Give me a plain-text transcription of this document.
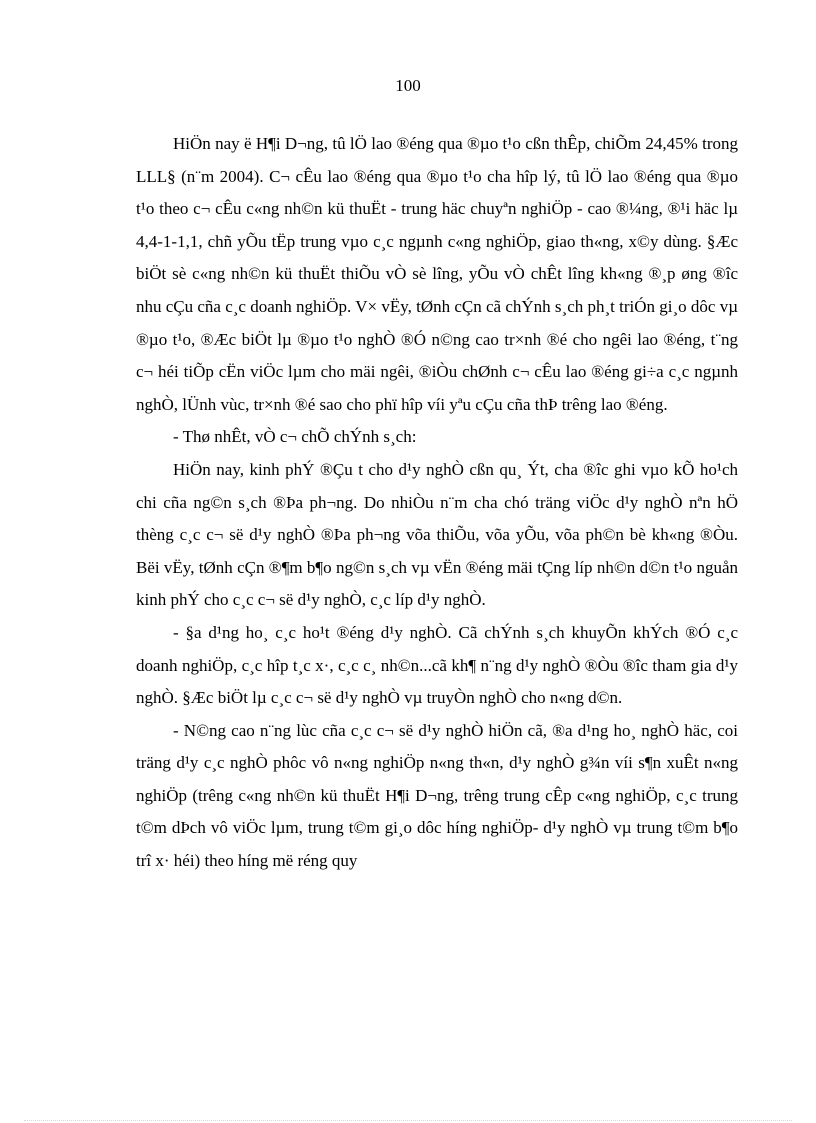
100

HiÖn nay ë H¶i D¬ng, tû lÖ lao ®éng qua ®µo t¹o cßn thÊp, chiÕm 24,45% trong LLL§ (n¨m 2004). C¬ cÊu lao ®éng qua ®µo t¹o cha hîp lý, tû lÖ lao ®éng qua ®µo t¹o theo c¬ cÊu c«ng nh©n kü thuËt - trung häc chuyªn nghiÖp - cao ®¼ng, ®¹i häc lµ 4,4-1-1,1, chñ yÕu tËp trung vµo c¸c ngµnh c«ng nghiÖp, giao th«ng, x©y dùng. §Æc biÖt sè c«ng nh©n kü thuËt thiÕu vÒ sè lîng, yÕu vÒ chÊt lîng kh«ng ®¸p øng ®îc nhu cÇu cña c¸c doanh nghiÖp. V× vËy, tØnh cÇn cã chÝnh s¸ch ph¸t triÓn gi¸o dôc vµ ®µo t¹o, ®Æc biÖt lµ ®µo t¹o nghÒ ®Ó n©ng cao tr×nh ®é cho ngêi lao ®éng, t¨ng c¬ héi tiÕp cËn viÖc lµm cho mäi ngêi, ®iÒu chØnh c¬ cÊu lao ®éng gi÷a c¸c ngµnh nghÒ, lÜnh vùc, tr×nh ®é sao cho phï hîp víi yªu cÇu cña thÞ trêng lao ®éng.

- Thø nhÊt, vÒ c¬ chÕ chÝnh s¸ch:

HiÖn nay, kinh phÝ ®Çu t cho d¹y nghÒ cßn qu¸ Ýt, cha ®îc ghi vµo kÕ ho¹ch chi cña ng©n s¸ch ®Þa ph¬ng. Do nhiÒu n¨m cha chó träng viÖc d¹y nghÒ nªn hÖ thèng c¸c c¬ së d¹y nghÒ ®Þa ph¬ng võa thiÕu, võa yÕu, võa ph©n bè kh«ng ®Òu. Bëi vËy, tØnh cÇn ®¶m b¶o ng©n s¸ch vµ vËn ®éng mäi tÇng líp nh©n d©n t¹o nguån kinh phÝ cho c¸c c¬ së d¹y nghÒ, c¸c líp d¹y nghÒ.

- §a d¹ng ho¸ c¸c ho¹t ®éng d¹y nghÒ. Cã chÝnh s¸ch khuyÕn khÝch ®Ó c¸c doanh nghiÖp, c¸c hîp t¸c x·, c¸c c¸ nh©n...cã kh¶ n¨ng d¹y nghÒ ®Òu ®îc tham gia d¹y nghÒ. §Æc biÖt lµ c¸c c¬ së d¹y nghÒ vµ truyÒn nghÒ cho n«ng d©n.

- N©ng cao n¨ng lùc cña c¸c c¬ së d¹y nghÒ hiÖn cã, ®a d¹ng ho¸ nghÒ häc, coi träng d¹y c¸c nghÒ phôc vô n«ng nghiÖp n«ng th«n, d¹y nghÒ g¾n víi s¶n xuÊt n«ng nghiÖp (trêng c«ng nh©n kü thuËt H¶i D¬ng, trêng trung cÊp c«ng nghiÖp, c¸c trung t©m dÞch vô viÖc lµm, trung t©m gi¸o dôc híng nghiÖp- d¹y nghÒ vµ trung t©m b¶o trî x· héi) theo híng më réng quy
